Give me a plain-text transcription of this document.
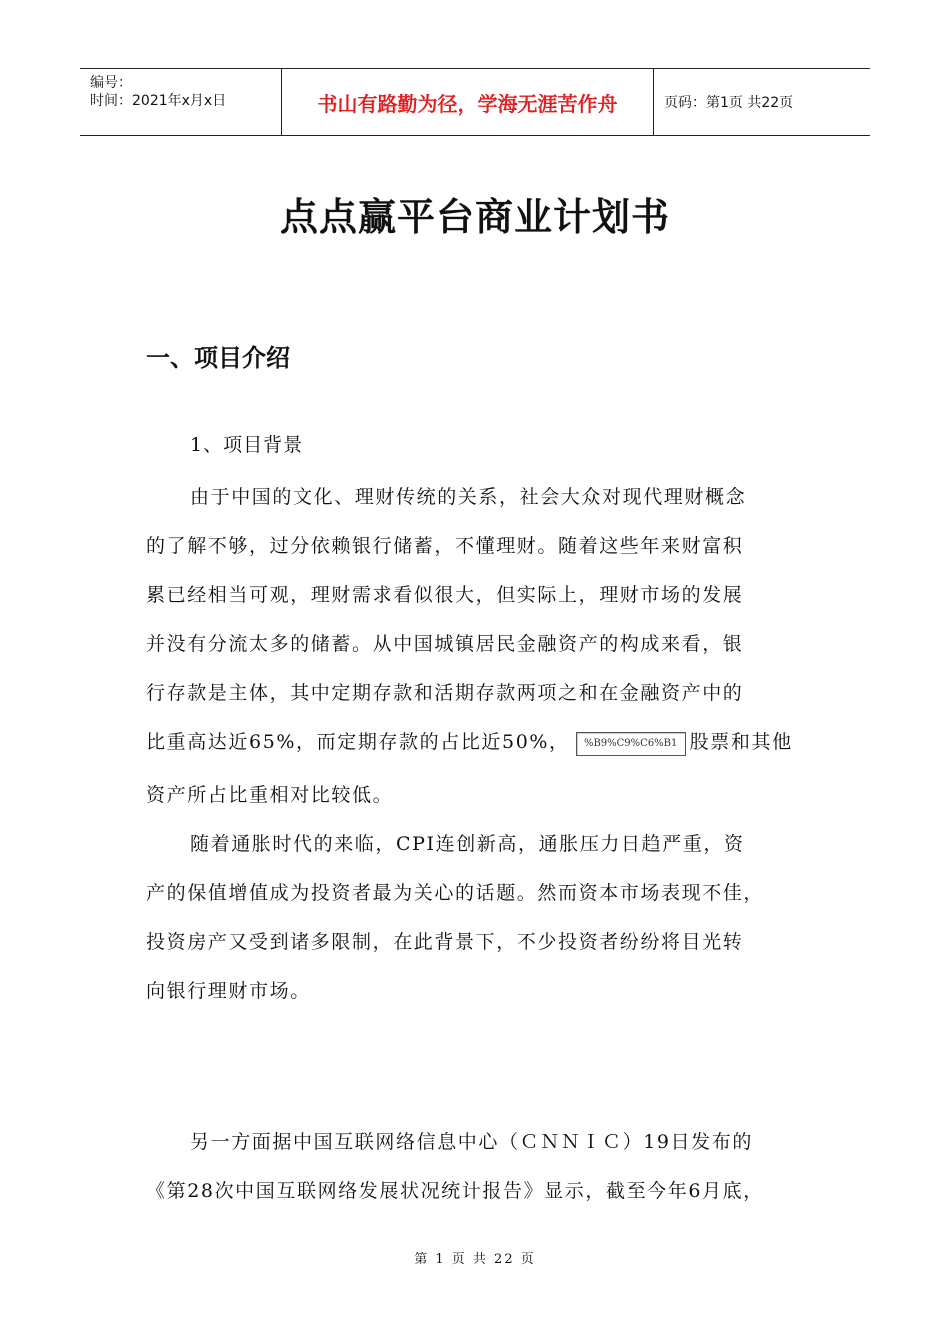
编号：
时间：2021年x月x日	书山有路勤为径，学海无涯苦作舟	页码：第1页 共22页
点点赢平台商业计划书
一、项目介绍
1、项目背景
由于中国的文化、理财传统的关系，社会大众对现代理财概念
的了解不够，过分依赖银行储蓄，不懂理财。随着这些年来财富积
累已经相当可观，理财需求看似很大，但实际上，理财市场的发展
并没有分流太多的储蓄。从中国城镇居民金融资产的构成来看，银
行存款是主体，其中定期存款和活期存款两项之和在金融资产中的
比重高达近65%，而定期存款的占比近50%， %B9%C9%C6%B1 股票和其他
资产所占比重相对比较低。
随着通胀时代的来临，CPI连创新高，通胀压力日趋严重，资
产的保值增值成为投资者最为关心的话题。然而资本市场表现不佳，
投资房产又受到诸多限制，在此背景下，不少投资者纷纷将目光转
向银行理财市场。
另一方面据中国互联网络信息中心（ＣＮＮＩＣ）19日发布的
《第28次中国互联网络发展状况统计报告》显示，截至今年6月底，
第 1 页 共 22 页
